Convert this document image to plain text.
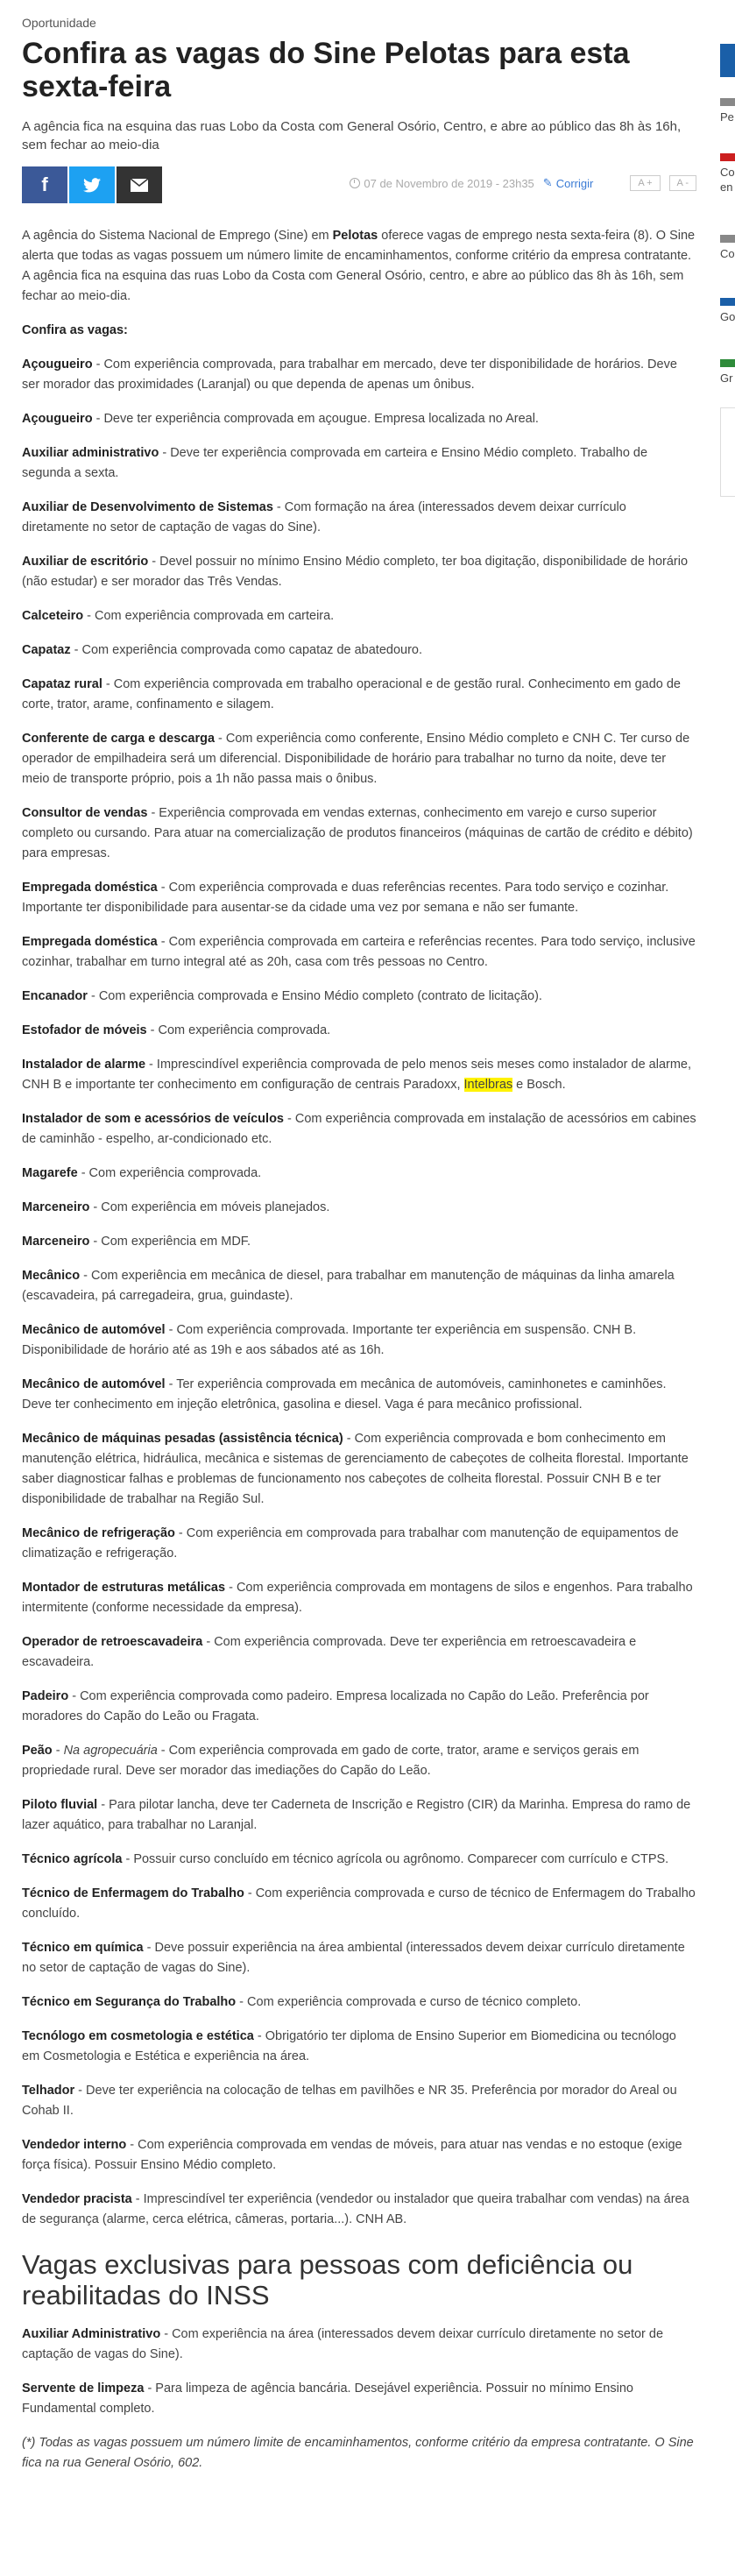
Oportunidade
Confira as vagas do Sine Pelotas para esta sexta-feira
A agência fica na esquina das ruas Lobo da Costa com General Osório, Centro, e abre ao público das 8h às 16h, sem fechar ao meio-dia
f	07 de Novembro de 2019 - 23h35 ✎ Corrigir	A +	A -

A agência do Sistema Nacional de Emprego (Sine) em Pelotas oferece vagas de emprego nesta sexta-feira (8). O Sine alerta que todas as vagas possuem um número limite de encaminhamentos, conforme critério da empresa contratante. A agência fica na esquina das ruas Lobo da Costa com General Osório, centro, e abre ao público das 8h às 16h, sem fechar ao meio-dia.

Confira as vagas:

Açougueiro - Com experiência comprovada, para trabalhar em mercado, deve ter disponibilidade de horários. Deve ser morador das proximidades (Laranjal) ou que dependa de apenas um ônibus.

Açougueiro - Deve ter experiência comprovada em açougue. Empresa localizada no Areal.

Auxiliar administrativo - Deve ter experiência comprovada em carteira e Ensino Médio completo. Trabalho de segunda a sexta.

Auxiliar de Desenvolvimento de Sistemas - Com formação na área (interessados devem deixar currículo diretamente no setor de captação de vagas do Sine).

Auxiliar de escritório - Devel possuir no mínimo Ensino Médio completo, ter boa digitação, disponibilidade de horário (não estudar) e ser morador das Três Vendas.

Calceteiro - Com experiência comprovada em carteira.

Capataz - Com experiência comprovada como capataz de abatedouro.

Capataz rural - Com experiência comprovada em trabalho operacional e de gestão rural. Conhecimento em gado de corte, trator, arame, confinamento e silagem.

Conferente de carga e descarga - Com experiência como conferente, Ensino Médio completo e CNH C. Ter curso de operador de empilhadeira será um diferencial. Disponibilidade de horário para trabalhar no turno da noite, deve ter meio de transporte próprio, pois a 1h não passa mais o ônibus.

Consultor de vendas - Experiência comprovada em vendas externas, conhecimento em varejo e curso superior completo ou cursando. Para atuar na comercialização de produtos financeiros (máquinas de cartão de crédito e débito) para empresas.

Empregada doméstica - Com experiência comprovada e duas referências recentes. Para todo serviço e cozinhar. Importante ter disponibilidade para ausentar-se da cidade uma vez por semana e não ser fumante.

Empregada doméstica - Com experiência comprovada em carteira e referências recentes. Para todo serviço, inclusive cozinhar, trabalhar em turno integral até as 20h, casa com três pessoas no Centro.

Encanador - Com experiência comprovada e Ensino Médio completo (contrato de licitação).

Estofador de móveis - Com experiência comprovada.

Instalador de alarme - Imprescindível experiência comprovada de pelo menos seis meses como instalador de alarme, CNH B e importante ter conhecimento em configuração de centrais Paradoxx, Intelbras e Bosch.

Instalador de som e acessórios de veículos - Com experiência comprovada em instalação de acessórios em cabines de caminhão - espelho, ar-condicionado etc.

Magarefe - Com experiência comprovada.

Marceneiro - Com experiência em móveis planejados.

Marceneiro - Com experiência em MDF.

Mecânico - Com experiência em mecânica de diesel, para trabalhar em manutenção de máquinas da linha amarela (escavadeira, pá carregadeira, grua, guindaste).

Mecânico de automóvel - Com experiência comprovada. Importante ter experiência em suspensão. CNH B. Disponibilidade de horário até as 19h e aos sábados até as 16h.

Mecânico de automóvel - Ter experiência comprovada em mecânica de automóveis, caminhonetes e caminhões. Deve ter conhecimento em injeção eletrônica, gasolina e diesel. Vaga é para mecânico profissional.

Mecânico de máquinas pesadas (assistência técnica) - Com experiência comprovada e bom conhecimento em manutenção elétrica, hidráulica, mecânica e sistemas de gerenciamento de cabeçotes de colheita florestal. Importante saber diagnosticar falhas e problemas de funcionamento nos cabeçotes de colheita florestal. Possuir CNH B e ter disponibilidade de trabalhar na Região Sul.

Mecânico de refrigeração - Com experiência em comprovada para trabalhar com manutenção de equipamentos de climatização e refrigeração.

Montador de estruturas metálicas - Com experiência comprovada em montagens de silos e engenhos. Para trabalho intermitente (conforme necessidade da empresa).

Operador de retroescavadeira - Com experiência comprovada. Deve ter experiência em retroescavadeira e escavadeira.

Padeiro - Com experiência comprovada como padeiro. Empresa localizada no Capão do Leão. Preferência por moradores do Capão do Leão ou Fragata.

Peão - Na agropecuária - Com experiência comprovada em gado de corte, trator, arame e serviços gerais em propriedade rural. Deve ser morador das imediações do Capão do Leão.

Piloto fluvial - Para pilotar lancha, deve ter Caderneta de Inscrição e Registro (CIR) da Marinha. Empresa do ramo de lazer aquático, para trabalhar no Laranjal.

Técnico agrícola - Possuir curso concluído em técnico agrícola ou agrônomo. Comparecer com currículo e CTPS.

Técnico de Enfermagem do Trabalho - Com experiência comprovada e curso de técnico de Enfermagem do Trabalho concluído.

Técnico em química - Deve possuir experiência na área ambiental (interessados devem deixar currículo diretamente no setor de captação de vagas do Sine).

Técnico em Segurança do Trabalho - Com experiência comprovada e curso de técnico completo.

Tecnólogo em cosmetologia e estética - Obrigatório ter diploma de Ensino Superior em Biomedicina ou tecnólogo em Cosmetologia e Estética e experiência na área.

Telhador - Deve ter experiência na colocação de telhas em pavilhões e NR 35. Preferência por morador do Areal ou Cohab II.

Vendedor interno - Com experiência comprovada em vendas de móveis, para atuar nas vendas e no estoque (exige força física). Possuir Ensino Médio completo.

Vendedor pracista - Imprescindível ter experiência (vendedor ou instalador que queira trabalhar com vendas) na área de segurança (alarme, cerca elétrica, câmeras, portaria...). CNH AB.

Vagas exclusivas para pessoas com deficiência ou reabilitadas do INSS

Auxiliar Administrativo - Com experiência na área (interessados devem deixar currículo diretamente no setor de captação de vagas do Sine).

Servente de limpeza - Para limpeza de agência bancária. Desejável experiência. Possuir no mínimo Ensino Fundamental completo.

(*) Todas as vagas possuem um número limite de encaminhamentos, conforme critério da empresa contratante. O Sine fica na rua General Osório, 602.

Pe
Co
en
Co
Go
Gr
